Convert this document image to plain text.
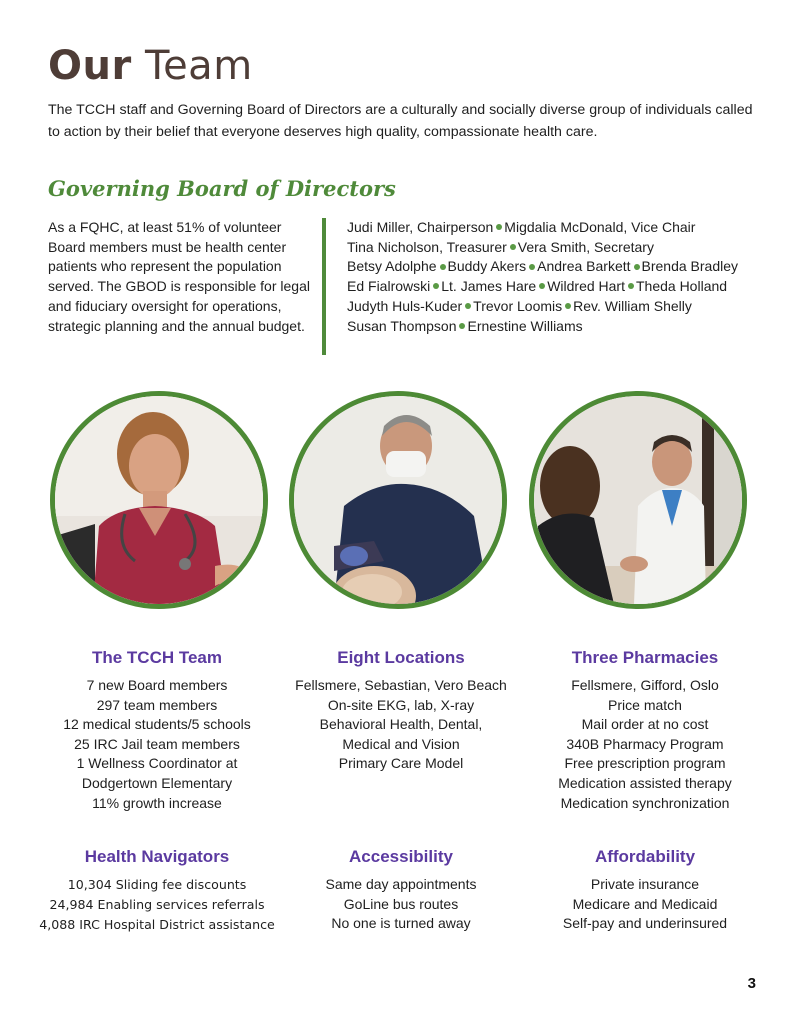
Our Team

The TCCH staff and Governing Board of Directors are a culturally and socially diverse group of individuals called to action by their belief that everyone deserves high quality, compassionate health care.

Governing Board of Directors

As a FQHC, at least 51% of volunteer Board members must be health center patients who represent the population served. The GBOD is responsible for legal and fiduciary oversight for operations, strategic planning and the annual budget.

Judi Miller, Chairperson Migdalia McDonald, Vice Chair
Tina Nicholson, Treasurer Vera Smith, Secretary
Betsy Adolphe Buddy Akers Andrea Barkett Brenda Bradley
Ed Fialrowski Lt. James Hare Wildred Hart Theda Holland
Judyth Huls-Kuder Trevor Loomis Rev. William Shelly
Susan Thompson Ernestine Williams
The TCCH Team
7 new Board members
297 team members
12 medical students/5 schools
25 IRC Jail team members
1 Wellness Coordinator at
Dodgertown Elementary
11% growth increase
Eight Locations
Fellsmere, Sebastian, Vero Beach
On-site EKG, lab, X-ray
Behavioral Health, Dental,
Medical and Vision
Primary Care Model
Three Pharmacies
Fellsmere, Gifford, Oslo
Price match
Mail order at no cost
340B Pharmacy Program
Free prescription program
Medication assisted therapy
Medication synchronization
Health Navigators
10,304 Sliding fee discounts
24,984 Enabling services referrals
4,088 IRC Hospital District assistance
Accessibility
Same day appointments
GoLine bus routes
No one is turned away
Affordability
Private insurance
Medicare and Medicaid
Self-pay and underinsured
3
